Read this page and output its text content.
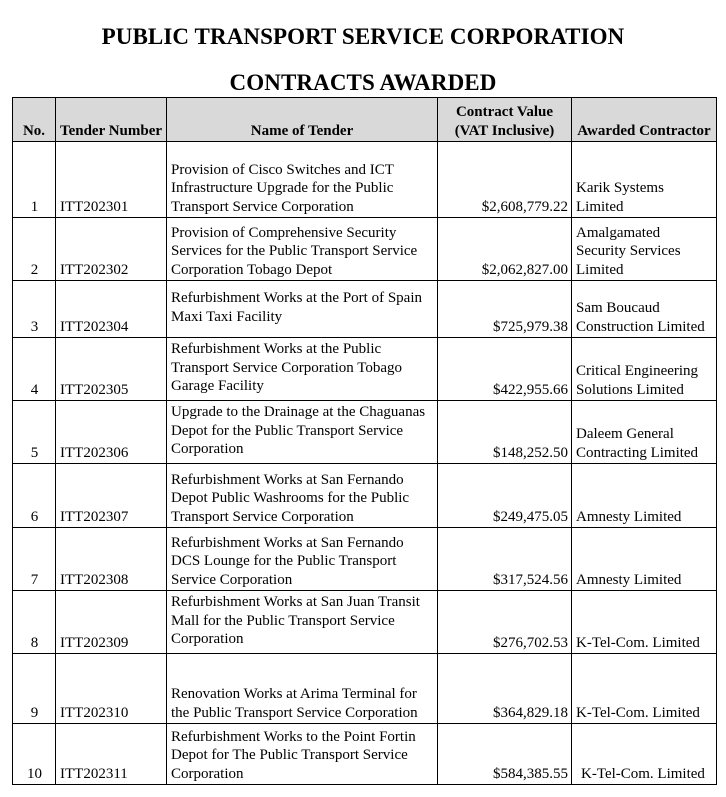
PUBLIC TRANSPORT SERVICE CORPORATION
CONTRACTS AWARDED
No.	Tender Number	Name of Tender	Contract Value (VAT Inclusive)	Awarded Contractor
1	ITT202301	Provision of Cisco Switches and ICT Infrastructure Upgrade for the Public Transport Service Corporation	$2,608,779.22	Karik Systems Limited
2	ITT202302	Provision of Comprehensive Security Services for the Public Transport Service Corporation Tobago Depot	$2,062,827.00	Amalgamated Security Services Limited
3	ITT202304	Refurbishment Works at the Port of Spain Maxi Taxi Facility	$725,979.38	Sam Boucaud Construction Limited
4	ITT202305	Refurbishment Works at the Public Transport Service Corporation Tobago Garage Facility	$422,955.66	Critical Engineering Solutions Limited
5	ITT202306	Upgrade to the Drainage at the Chaguanas Depot for the Public Transport Service Corporation	$148,252.50	Daleem General Contracting Limited
6	ITT202307	Refurbishment Works at San Fernando Depot Public Washrooms for the Public Transport Service Corporation	$249,475.05	Amnesty Limited
7	ITT202308	Refurbishment Works at San Fernando DCS Lounge for the Public Transport Service Corporation	$317,524.56	Amnesty Limited
8	ITT202309	Refurbishment Works at San Juan Transit Mall for the Public Transport Service Corporation	$276,702.53	K-Tel-Com. Limited
9	ITT202310	Renovation Works at Arima Terminal for the Public Transport Service Corporation	$364,829.18	K-Tel-Com. Limited
10	ITT202311	Refurbishment Works to the Point Fortin Depot for The Public Transport Service Corporation	$584,385.55	K-Tel-Com. Limited
